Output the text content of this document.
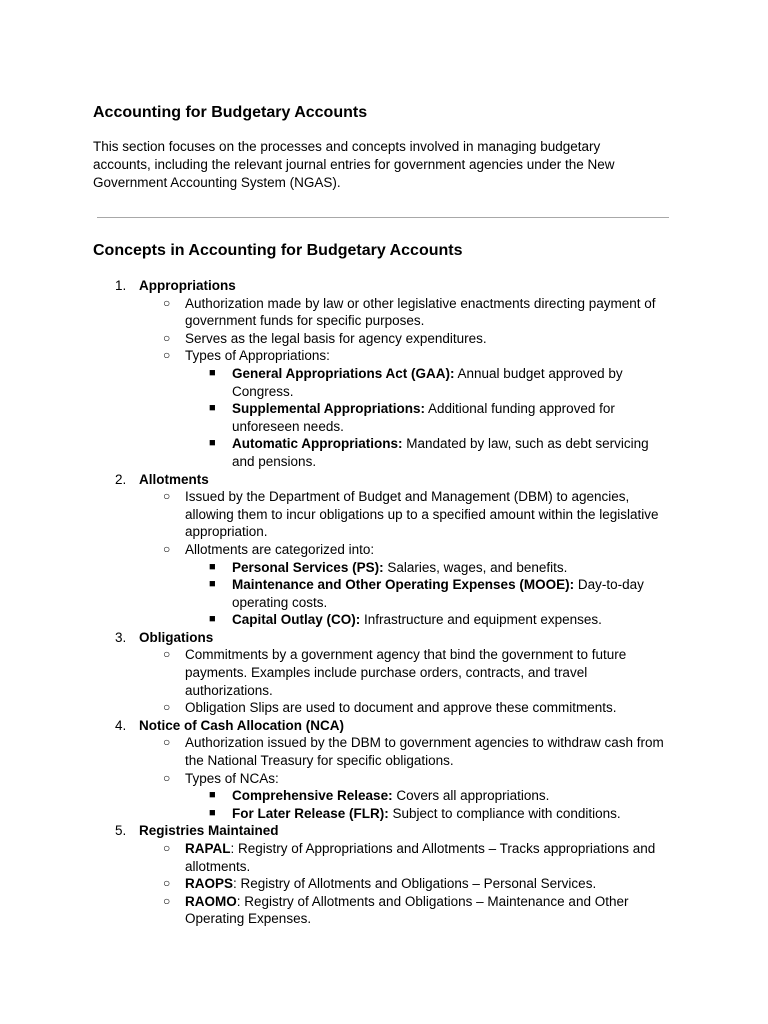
Accounting for Budgetary Accounts

This section focuses on the processes and concepts involved in managing budgetary accounts, including the relevant journal entries for government agencies under the New Government Accounting System (NGAS).

Concepts in Accounting for Budgetary Accounts
1. Appropriations
○ Authorization made by law or other legislative enactments directing payment of government funds for specific purposes.
○ Serves as the legal basis for agency expenditures.
○ Types of Appropriations:
■ General Appropriations Act (GAA): Annual budget approved by Congress.
■ Supplemental Appropriations: Additional funding approved for unforeseen needs.
■ Automatic Appropriations: Mandated by law, such as debt servicing and pensions.
2. Allotments
○ Issued by the Department of Budget and Management (DBM) to agencies, allowing them to incur obligations up to a specified amount within the legislative appropriation.
○ Allotments are categorized into:
■ Personal Services (PS): Salaries, wages, and benefits.
■ Maintenance and Other Operating Expenses (MOOE): Day-to-day operating costs.
■ Capital Outlay (CO): Infrastructure and equipment expenses.
3. Obligations
○ Commitments by a government agency that bind the government to future payments. Examples include purchase orders, contracts, and travel authorizations.
○ Obligation Slips are used to document and approve these commitments.
4. Notice of Cash Allocation (NCA)
○ Authorization issued by the DBM to government agencies to withdraw cash from the National Treasury for specific obligations.
○ Types of NCAs:
■ Comprehensive Release: Covers all appropriations.
■ For Later Release (FLR): Subject to compliance with conditions.
5. Registries Maintained
○ RAPAL: Registry of Appropriations and Allotments – Tracks appropriations and allotments.
○ RAOPS: Registry of Allotments and Obligations – Personal Services.
○ RAOMO: Registry of Allotments and Obligations – Maintenance and Other Operating Expenses.
